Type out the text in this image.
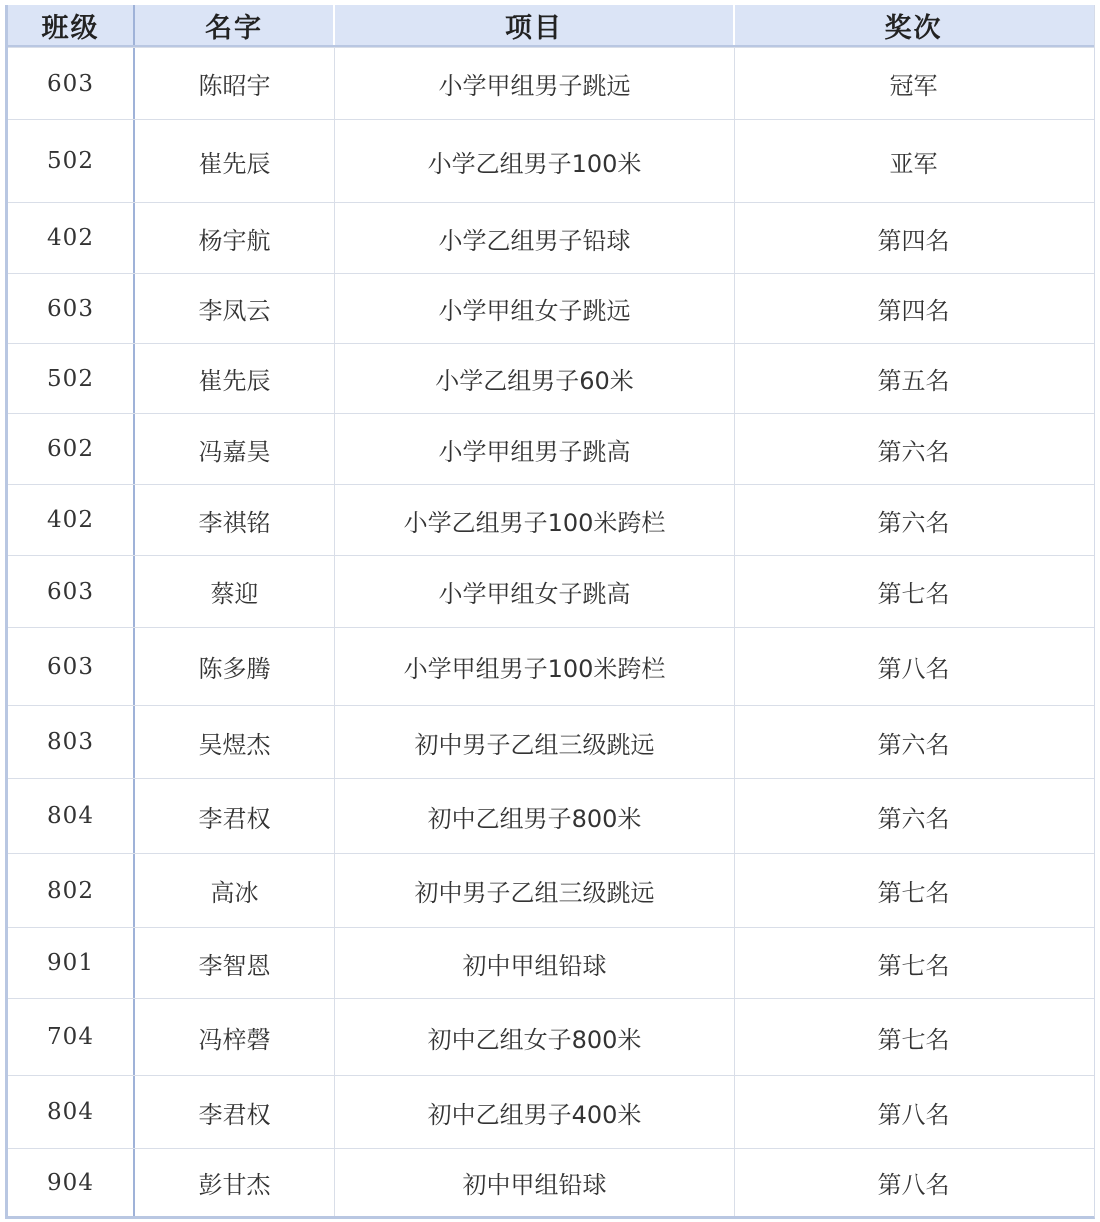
班级	名字	项目	奖次
603	陈昭宇	小学甲组男子跳远	冠军
502	崔先辰	小学乙组男子100米	亚军
402	杨宇航	小学乙组男子铅球	第四名
603	李凤云	小学甲组女子跳远	第四名
502	崔先辰	小学乙组男子60米	第五名
602	冯嘉昊	小学甲组男子跳高	第六名
402	李祺铭	小学乙组男子100米跨栏	第六名
603	蔡迎	小学甲组女子跳高	第七名
603	陈多腾	小学甲组男子100米跨栏	第八名
803	吴煜杰	初中男子乙组三级跳远	第六名
804	李君权	初中乙组男子800米	第六名
802	高冰	初中男子乙组三级跳远	第七名
901	李智恩	初中甲组铅球	第七名
704	冯梓磬	初中乙组女子800米	第七名
804	李君权	初中乙组男子400米	第八名
904	彭甘杰	初中甲组铅球	第八名
